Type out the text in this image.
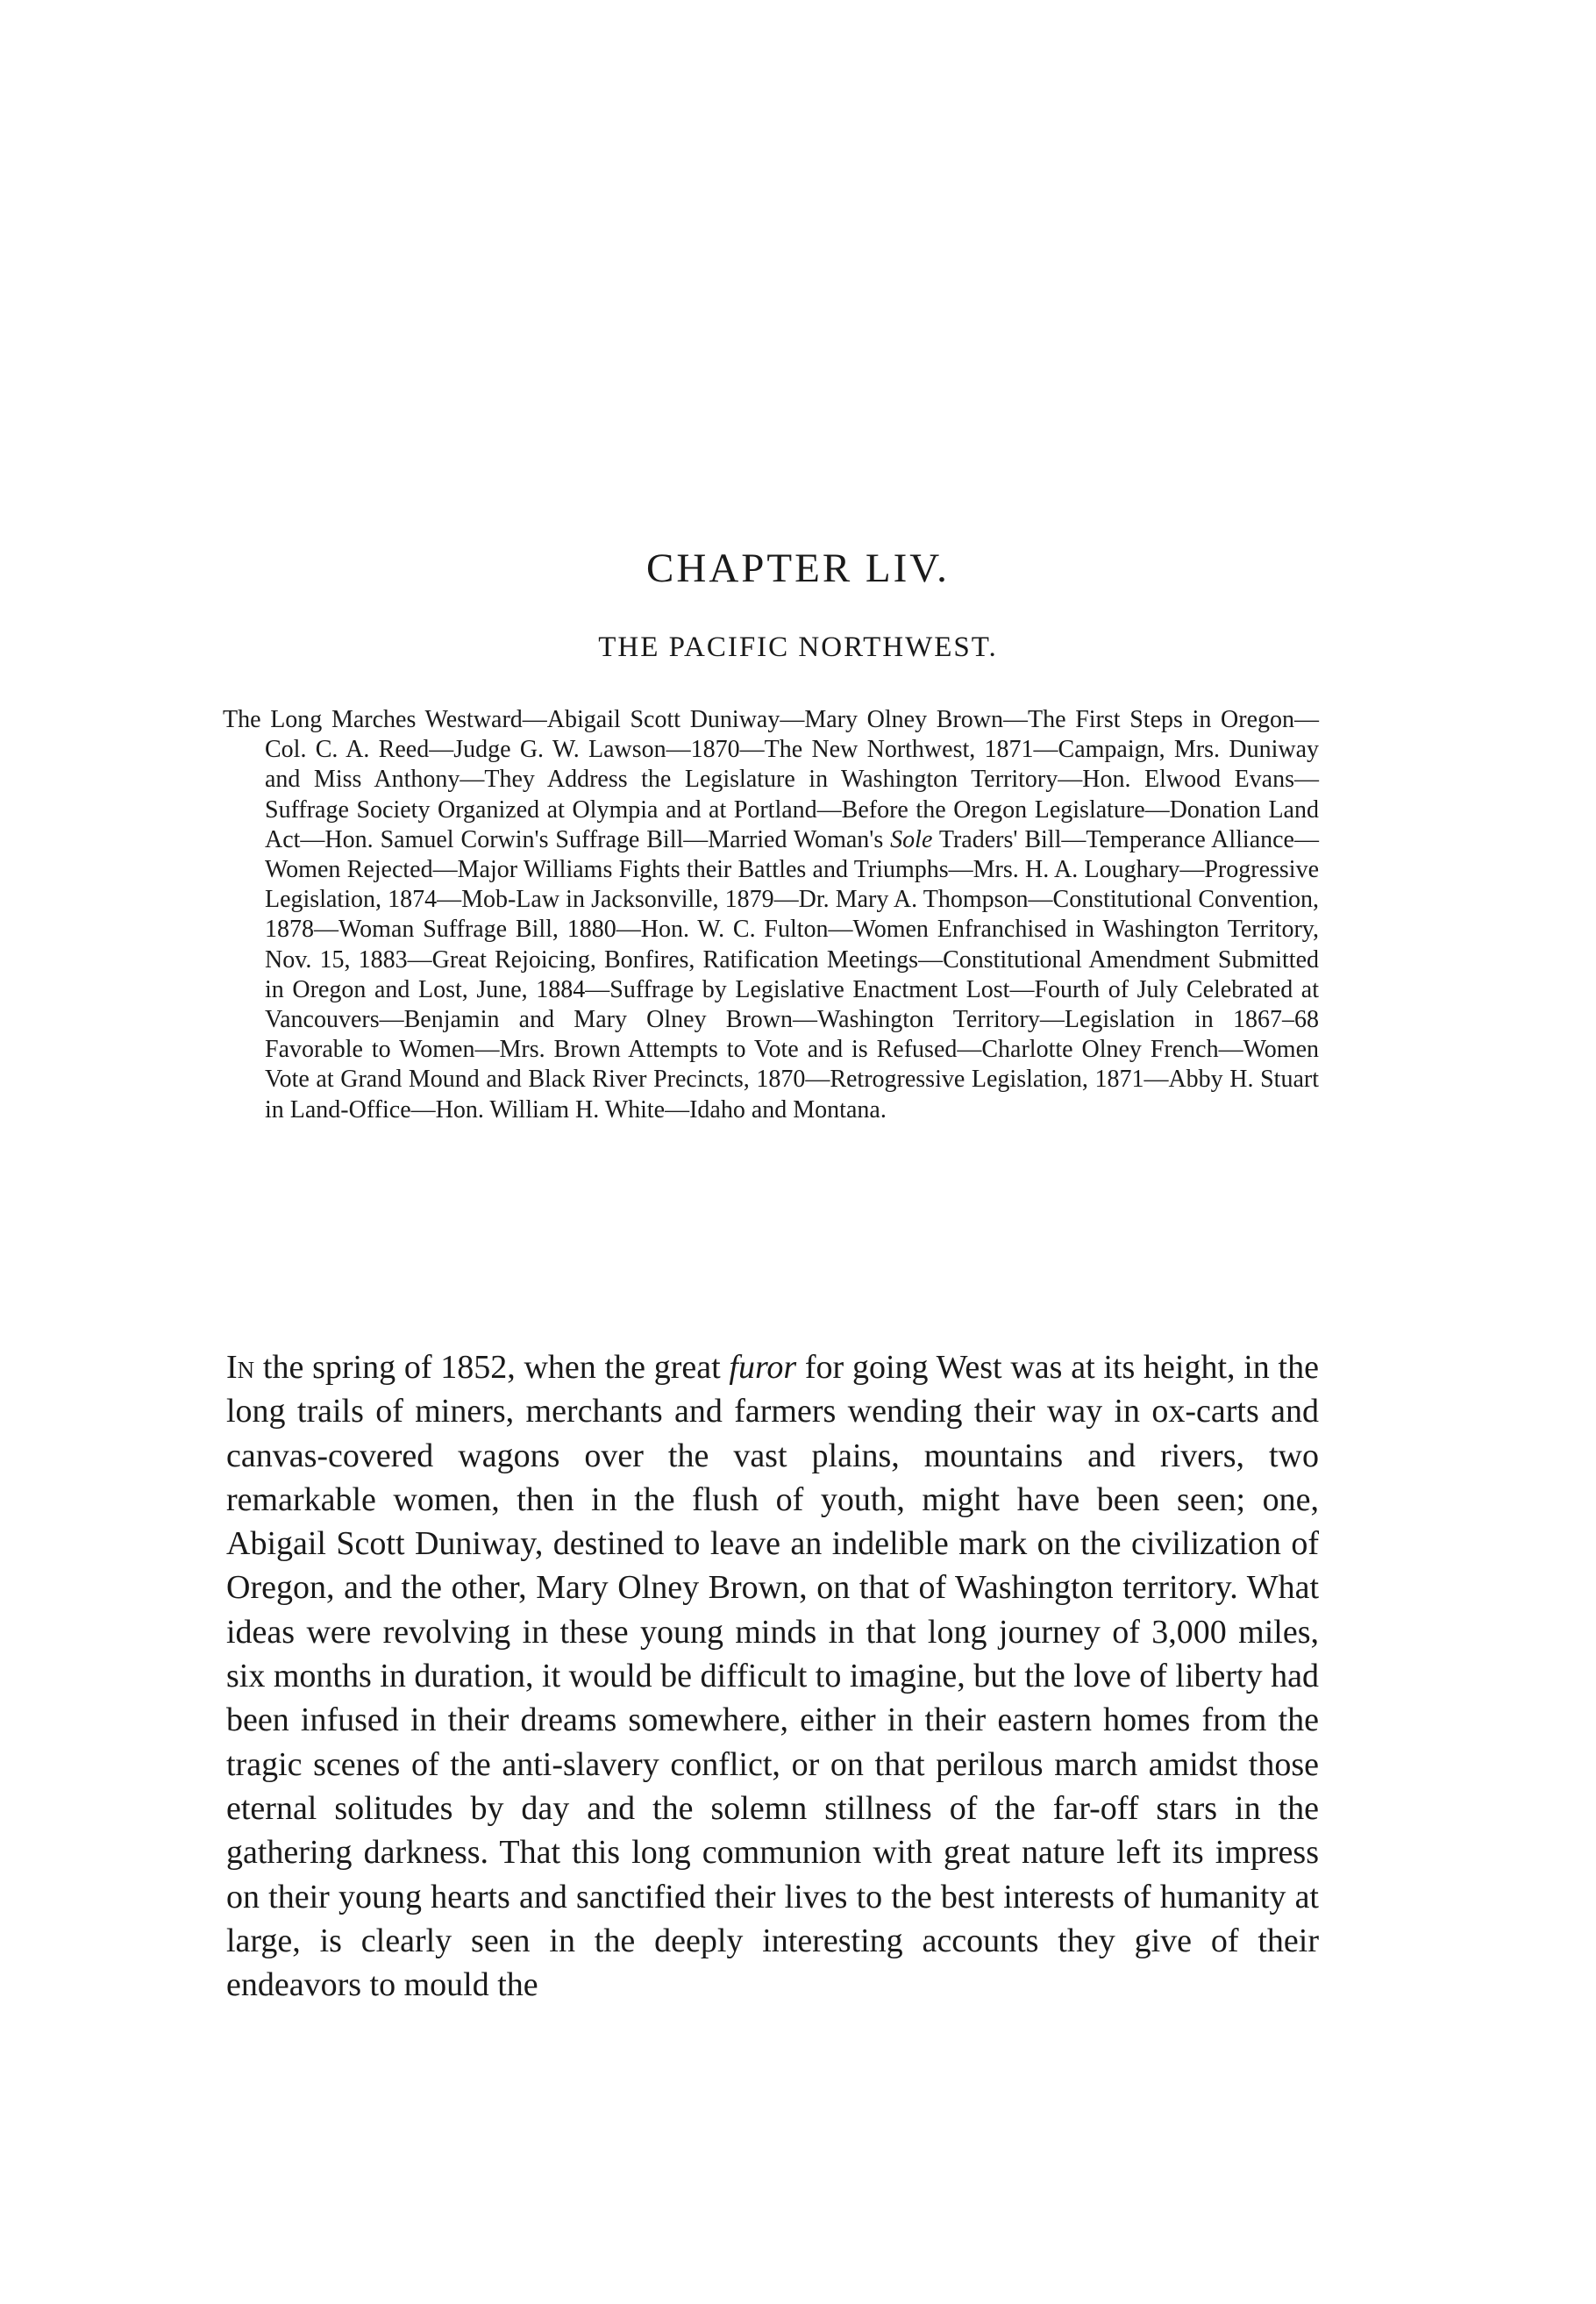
CHAPTER LIV.
THE PACIFIC NORTHWEST.

The Long Marches Westward—Abigail Scott Duniway—Mary Olney Brown—The First Steps in Oregon—Col. C. A. Reed—Judge G. W. Lawson—1870—The New Northwest, 1871—Campaign, Mrs. Duniway and Miss Anthony—They Address the Legislature in Washington Territory—Hon. Elwood Evans—Suffrage Society Organized at Olympia and at Portland—Before the Oregon Legislature—Donation Land Act—Hon. Samuel Corwin's Suffrage Bill—Married Woman's Sole Traders' Bill—Temperance Alliance—Women Rejected—Major Williams Fights their Battles and Triumphs—Mrs. H. A. Loughary—Progressive Legislation, 1874—Mob-Law in Jacksonville, 1879—Dr. Mary A. Thompson—Constitutional Convention, 1878—Woman Suffrage Bill, 1880—Hon. W. C. Fulton—Women Enfranchised in Washington Territory, Nov. 15, 1883—Great Rejoicing, Bonfires, Ratification Meetings—Constitutional Amendment Submitted in Oregon and Lost, June, 1884—Suffrage by Legislative Enactment Lost—Fourth of July Celebrated at Vancouvers—Benjamin and Mary Olney Brown—Washington Territory—Legislation in 1867–68 Favorable to Women—Mrs. Brown Attempts to Vote and is Refused—Charlotte Olney French—Women Vote at Grand Mound and Black River Precincts, 1870—Retrogressive Legislation, 1871—Abby H. Stuart in Land-Office—Hon. William H. White—Idaho and Montana.

In the spring of 1852, when the great furor for going West was at its height, in the long trails of miners, merchants and farmers wending their way in ox-carts and canvas-covered wagons over the vast plains, mountains and rivers, two remarkable women, then in the flush of youth, might have been seen; one, Abigail Scott Duniway, destined to leave an indelible mark on the civilization of Oregon, and the other, Mary Olney Brown, on that of Washington territory. What ideas were revolving in these young minds in that long journey of 3,000 miles, six months in duration, it would be difficult to imagine, but the love of liberty had been infused in their dreams somewhere, either in their eastern homes from the tragic scenes of the anti-slavery conflict, or on that perilous march amidst those eternal solitudes by day and the solemn stillness of the far-off stars in the gathering darkness. That this long communion with great nature left its impress on their young hearts and sanctified their lives to the best interests of humanity at large, is clearly seen in the deeply interesting accounts they give of their endeavors to mould the
